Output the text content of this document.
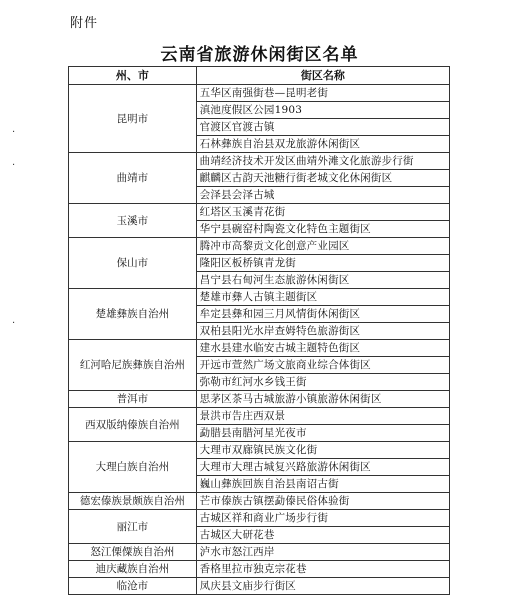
附件
云南省旅游休闲街区名单
·
·
·
州、市	街区名称
昆明市	五华区南强街巷—昆明老街
	滇池度假区公园1903
	官渡区官渡古镇
	石林彝族自治县双龙旅游休闲街区
曲靖市	曲靖经济技术开发区曲靖外滩文化旅游步行街
	麒麟区古韵天池糖行街老城文化休闲街区
	会泽县会泽古城
玉溪市	红塔区玉溪青花街
	华宁县碗窑村陶瓷文化特色主题街区
保山市	腾冲市高黎贡文化创意产业园区
	隆阳区板桥镇青龙街
	昌宁县右甸河生态旅游休闲街区
楚雄彝族自治州	楚雄市彝人古镇主题街区
	牟定县彝和园三月风情街休闲街区
	双柏县阳光水岸查姆特色旅游街区
红河哈尼族彝族自治州	建水县建水临安古城主题特色街区
	开远市萱然广场文旅商业综合体街区
	弥勒市红河水乡钱王街
普洱市	思茅区茶马古城旅游小镇旅游休闲街区
西双版纳傣族自治州	景洪市告庄西双景
	勐腊县南腊河星光夜市
大理白族自治州	大理市双廊镇民族文化街
	大理市大理古城复兴路旅游休闲街区
	巍山彝族回族自治县南诏古街
德宏傣族景颇族自治州	芒市傣族古镇摆勐傣民俗体验街
丽江市	古城区祥和商业广场步行街
	古城区大研花巷
怒江傈僳族自治州	泸水市怒江西岸
迪庆藏族自治州	香格里拉市独克宗花巷
临沧市	凤庆县文庙步行街区
